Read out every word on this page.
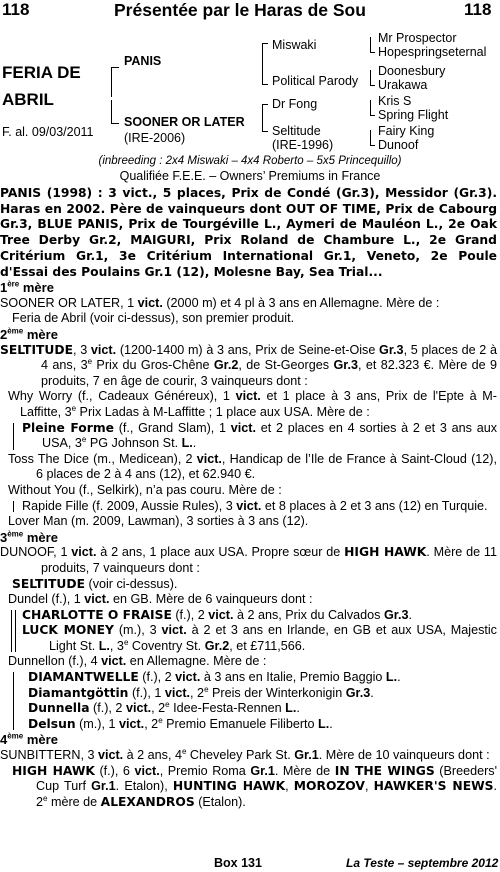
118	Présentée par le Haras de Sou	118
FERIA DE
ABRIL
F. al. 09/03/2011
PANIS
SOONER OR LATER
(IRE-2006)
Miswaki
Political Parody
Dr Fong
Seltitude
(IRE-1996)
Mr Prospector
Hopespringseternal
Doonesbury
Urakawa
Kris S
Spring Flight
Fairy King
Dunoof
(inbreeding : 2x4 Miswaki – 4x4 Roberto – 5x5 Princequillo)
Qualifiée F.E.E. – Owners’ Premiums in France

PANIS (1998) : 3 vict., 5 places, Prix de Condé (Gr.3), Messidor (Gr.3). Haras en 2002. Père de vainqueurs dont OUT OF TIME, Prix de Cabourg Gr.3, BLUE PANIS, Prix de Tourgéville L., Aymeri de Mauléon L., 2e Oak Tree Derby Gr.2, MAIGURI, Prix Roland de Chambure L., 2e Grand Critérium Gr.1, 3e Critérium International Gr.1, Veneto, 2e Poule d'Essai des Poulains Gr.1 (12), Molesne Bay, Sea Trial...

1ère mère

SOONER OR LATER, 1 vict. (2000 m) et 4 pl à 3 ans en Allemagne. Mère de :

Feria de Abril (voir ci-dessus), son premier produit.

2ème mère

SELTITUDE, 3 vict. (1200-1400 m) à 3 ans, Prix de Seine-et-Oise Gr.3, 5 places de 2 à 4 ans, 3e Prix du Gros-Chêne Gr.2, de St-Georges Gr.3, et 82.323 €. Mère de 9 produits, 7 en âge de courir, 3 vainqueurs dont :

Why Worry (f., Cadeaux Généreux), 1 vict. et 1 place à 3 ans, Prix de l'Epte à M-Laffitte, 3e Prix Ladas à M-Laffitte ; 1 place aux USA. Mère de :

Pleine Forme (f., Grand Slam), 1 vict. et 2 places en 4 sorties à 2 et 3 ans aux USA, 3e PG Johnson St. L..

Toss The Dice (m., Medicean), 2 vict., Handicap de l’Ile de France à Saint-Cloud (12), 6 places de 2 à 4 ans (12), et 62.940 €.

Without You (f., Selkirk), n’a pas couru. Mère de :

Rapide Fille (f. 2009, Aussie Rules), 3 vict. et 8 places à 2 et 3 ans (12) en Turquie.

Lover Man (m. 2009, Lawman), 3 sorties à 3 ans (12).

3ème mère

DUNOOF, 1 vict. à 2 ans, 1 place aux USA. Propre sœur de HIGH HAWK. Mère de 11 produits, 7 vainqueurs dont :

SELTITUDE (voir ci-dessus).

Dundel (f.), 1 vict. en GB. Mère de 6 vainqueurs dont :

CHARLOTTE O FRAISE (f.), 2 vict. à 2 ans, Prix du Calvados Gr.3.

LUCK MONEY (m.), 3 vict. à 2 et 3 ans en Irlande, en GB et aux USA, Majestic Light St. L., 3e Coventry St. Gr.2, et £711,566.

Dunnellon (f.), 4 vict. en Allemagne. Mère de :

DIAMANTWELLE (f.), 2 vict. à 3 ans en Italie, Premio Baggio L..

Diamantgöttin (f.), 1 vict., 2e Preis der Winterkonigin Gr.3.

Dunnella (f.), 2 vict., 2e Idee-Festa-Rennen L..

Delsun (m.), 1 vict., 2e Premio Emanuele Filiberto L..

4ème mère

SUNBITTERN, 3 vict. à 2 ans, 4e Cheveley Park St. Gr.1. Mère de 10 vainqueurs dont :

HIGH HAWK (f.), 6 vict., Premio Roma Gr.1. Mère de IN THE WINGS (Breeders' Cup Turf Gr.1. Etalon), HUNTING HAWK, MOROZOV, HAWKER'S NEWS. 2e mère de ALEXANDROS (Etalon).

Box 131	La Teste – septembre 2012
